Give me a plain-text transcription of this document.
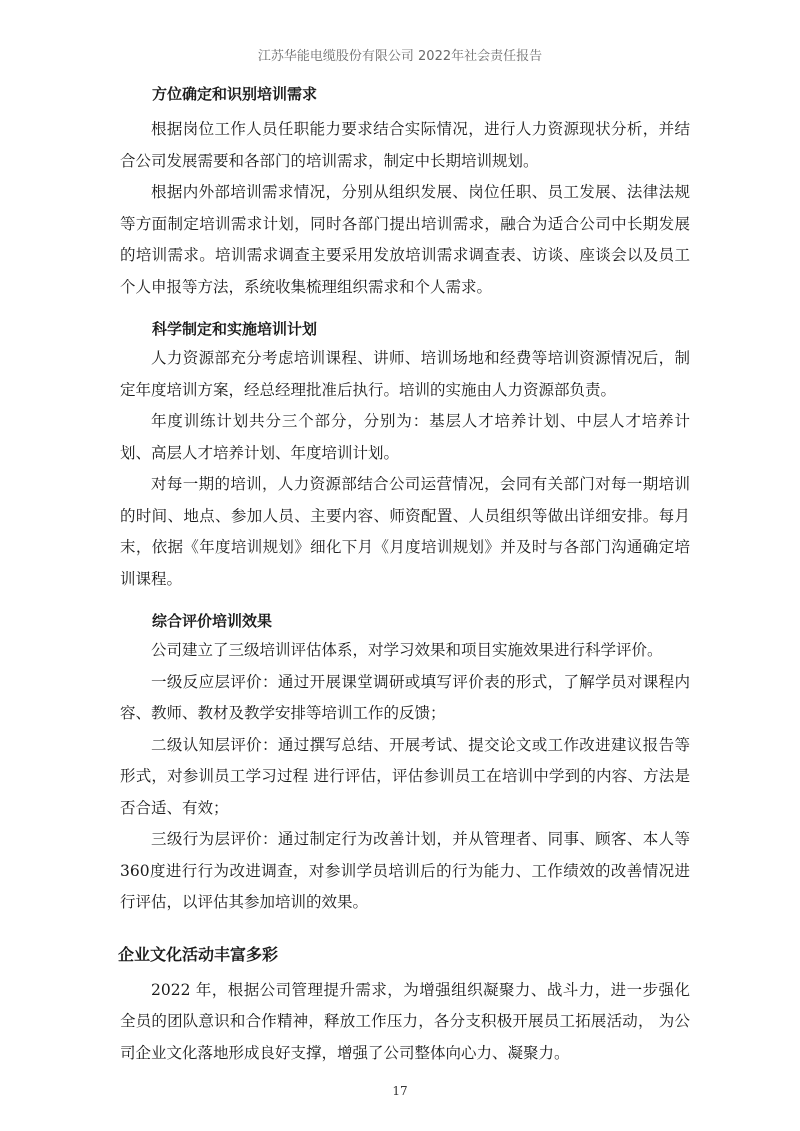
江苏华能电缆股份有限公司 2022年社会责任报告
方位确定和识别培训需求

根据岗位工作人员任职能力要求结合实际情况，进行人力资源现状分析，并结合公司发展需要和各部门的培训需求，制定中长期培训规划。

根据内外部培训需求情况，分别从组织发展、岗位任职、员工发展、法律法规等方面制定培训需求计划，同时各部门提出培训需求，融合为适合公司中长期发展的培训需求。培训需求调查主要采用发放培训需求调查表、访谈、座谈会以及员工个人申报等方法，系统收集梳理组织需求和个人需求。

科学制定和实施培训计划

人力资源部充分考虑培训课程、讲师、培训场地和经费等培训资源情况后，制定年度培训方案，经总经理批准后执行。培训的实施由人力资源部负责。

年度训练计划共分三个部分，分别为：基层人才培养计划、中层人才培养计划、高层人才培养计划、年度培训计划。

对每一期的培训，人力资源部结合公司运营情况，会同有关部门对每一期培训的时间、地点、参加人员、主要内容、师资配置、人员组织等做出详细安排。每月末，依据《年度培训规划》细化下月《月度培训规划》并及时与各部门沟通确定培训课程。

综合评价培训效果

公司建立了三级培训评估体系，对学习效果和项目实施效果进行科学评价。

一级反应层评价：通过开展课堂调研或填写评价表的形式，了解学员对课程内容、教师、教材及教学安排等培训工作的反馈；

二级认知层评价：通过撰写总结、开展考试、提交论文或工作改进建议报告等形式，对参训员工学习过程 进行评估，评估参训员工在培训中学到的内容、方法是否合适、有效；

三级行为层评价：通过制定行为改善计划，并从管理者、同事、顾客、本人等360度进行行为改进调查，对参训学员培训后的行为能力、工作绩效的改善情况进行评估，以评估其参加培训的效果。

企业文化活动丰富多彩

2022 年，根据公司管理提升需求，为增强组织凝聚力、战斗力，进一步强化全员的团队意识和合作精神，释放工作压力，各分支积极开展员工拓展活动， 为公司企业文化落地形成良好支撑，增强了公司整体向心力、凝聚力。

17
